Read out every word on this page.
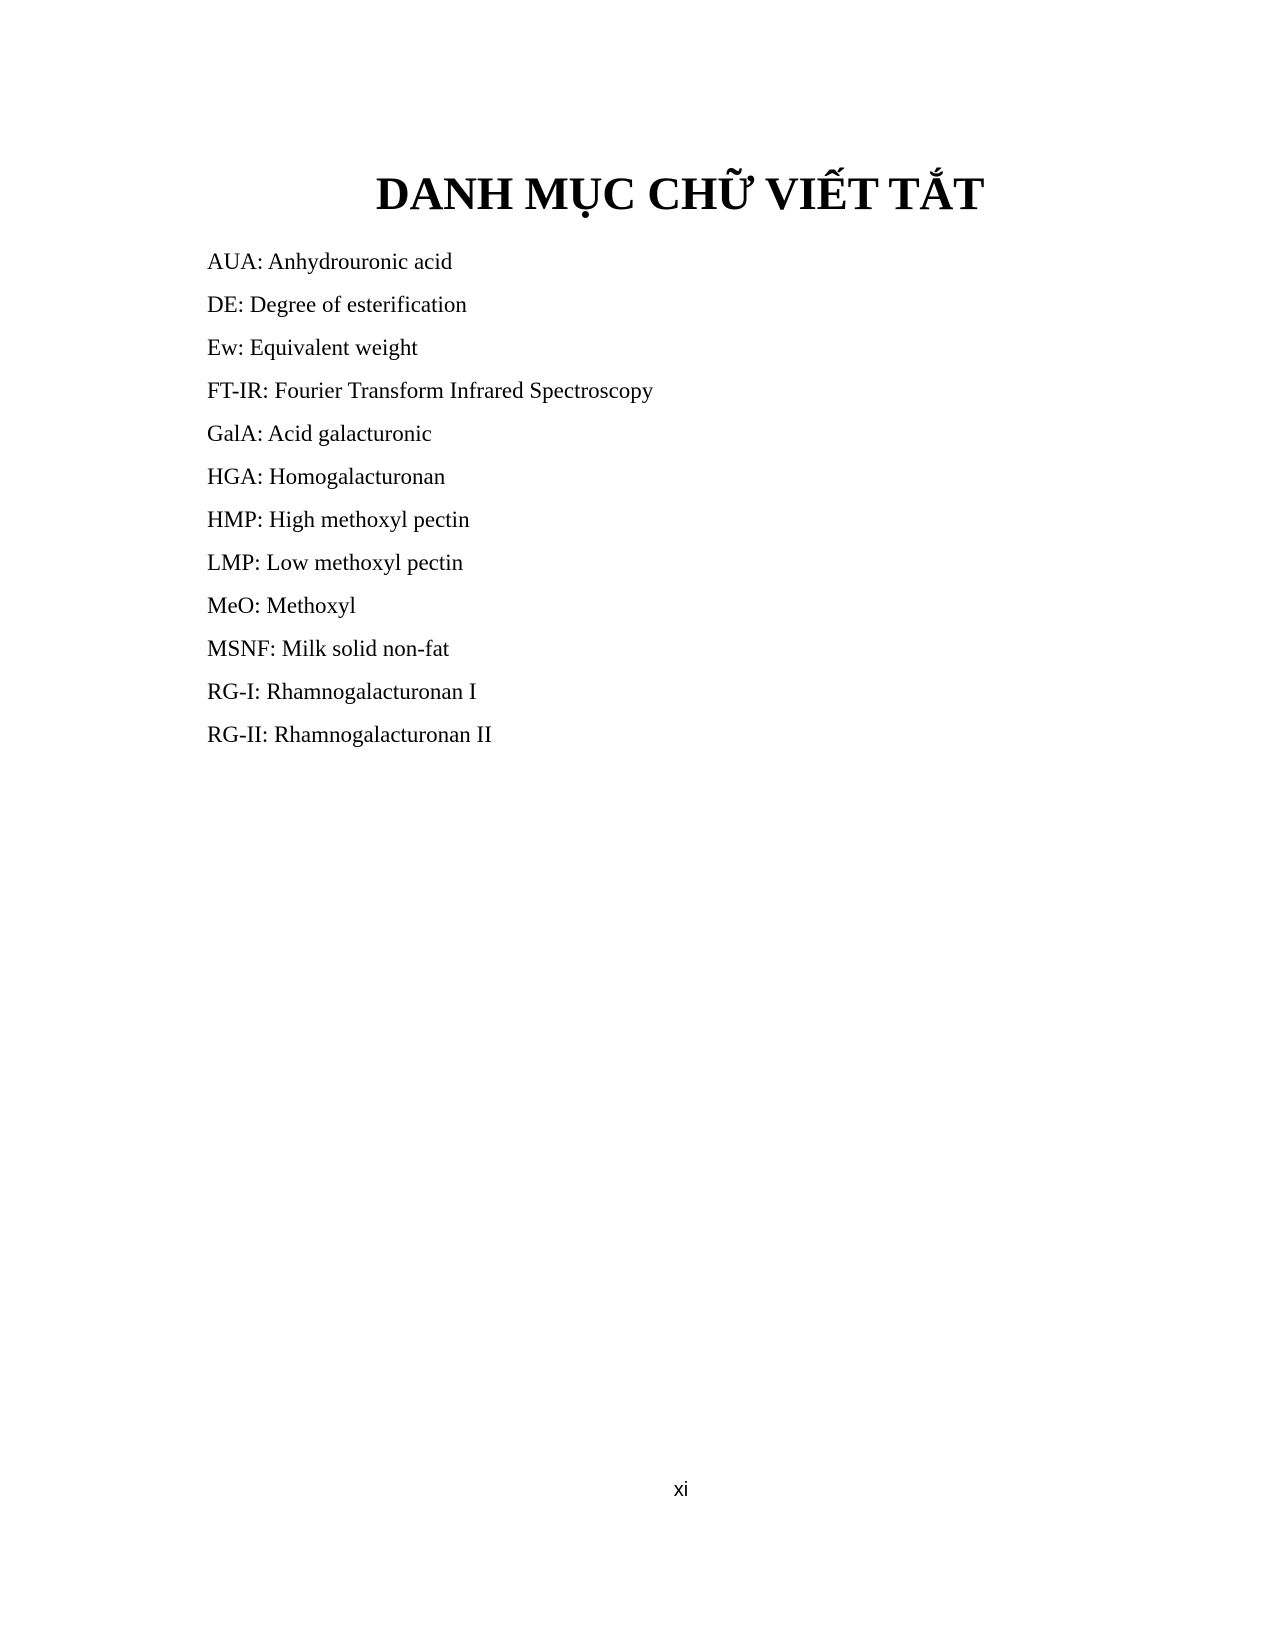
DANH MỤC CHỮ VIẾT TẮT
AUA: Anhydrouronic acid
DE: Degree of esterification
Ew: Equivalent weight
FT-IR: Fourier Transform Infrared Spectroscopy
GalA: Acid galacturonic
HGA: Homogalacturonan
HMP: High methoxyl pectin
LMP: Low methoxyl pectin
MeO: Methoxyl
MSNF: Milk solid non-fat
RG-I: Rhamnogalacturonan I
RG-II: Rhamnogalacturonan II
xi
